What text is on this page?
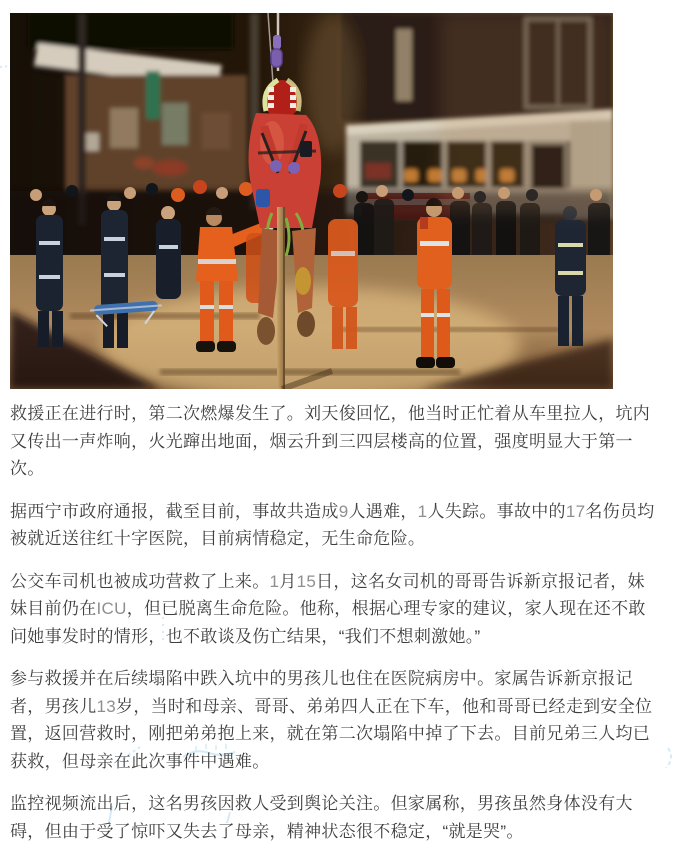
救援正在进行时，第二次燃爆发生了。刘天俊回忆，他当时正忙着从车里拉人，坑内又传出一声炸响，火光蹿出地面，烟云升到三四层楼高的位置，强度明显大于第一次。

据西宁市政府通报，截至目前，事故共造成9人遇难，1人失踪。事故中的17名伤员均被就近送往红十字医院，目前病情稳定，无生命危险。

公交车司机也被成功营救了上来。1月15日，这名女司机的哥哥告诉新京报记者，妹妹目前仍在ICU，但已脱离生命危险。他称，根据心理专家的建议，家人现在还不敢问她事发时的情形，也不敢谈及伤亡结果，“我们不想刺激她。”

参与救援并在后续塌陷中跌入坑中的男孩儿也住在医院病房中。家属告诉新京报记者，男孩儿13岁，当时和母亲、哥哥、弟弟四人正在下车，他和哥哥已经走到安全位置，返回营救时，刚把弟弟抱上来，就在第二次塌陷中掉了下去。目前兄弟三人均已获救，但母亲在此次事件中遇难。

监控视频流出后，这名男孩因救人受到舆论关注。但家属称，男孩虽然身体没有大碍，但由于受了惊吓又失去了母亲，精神状态很不稳定，“就是哭”。
